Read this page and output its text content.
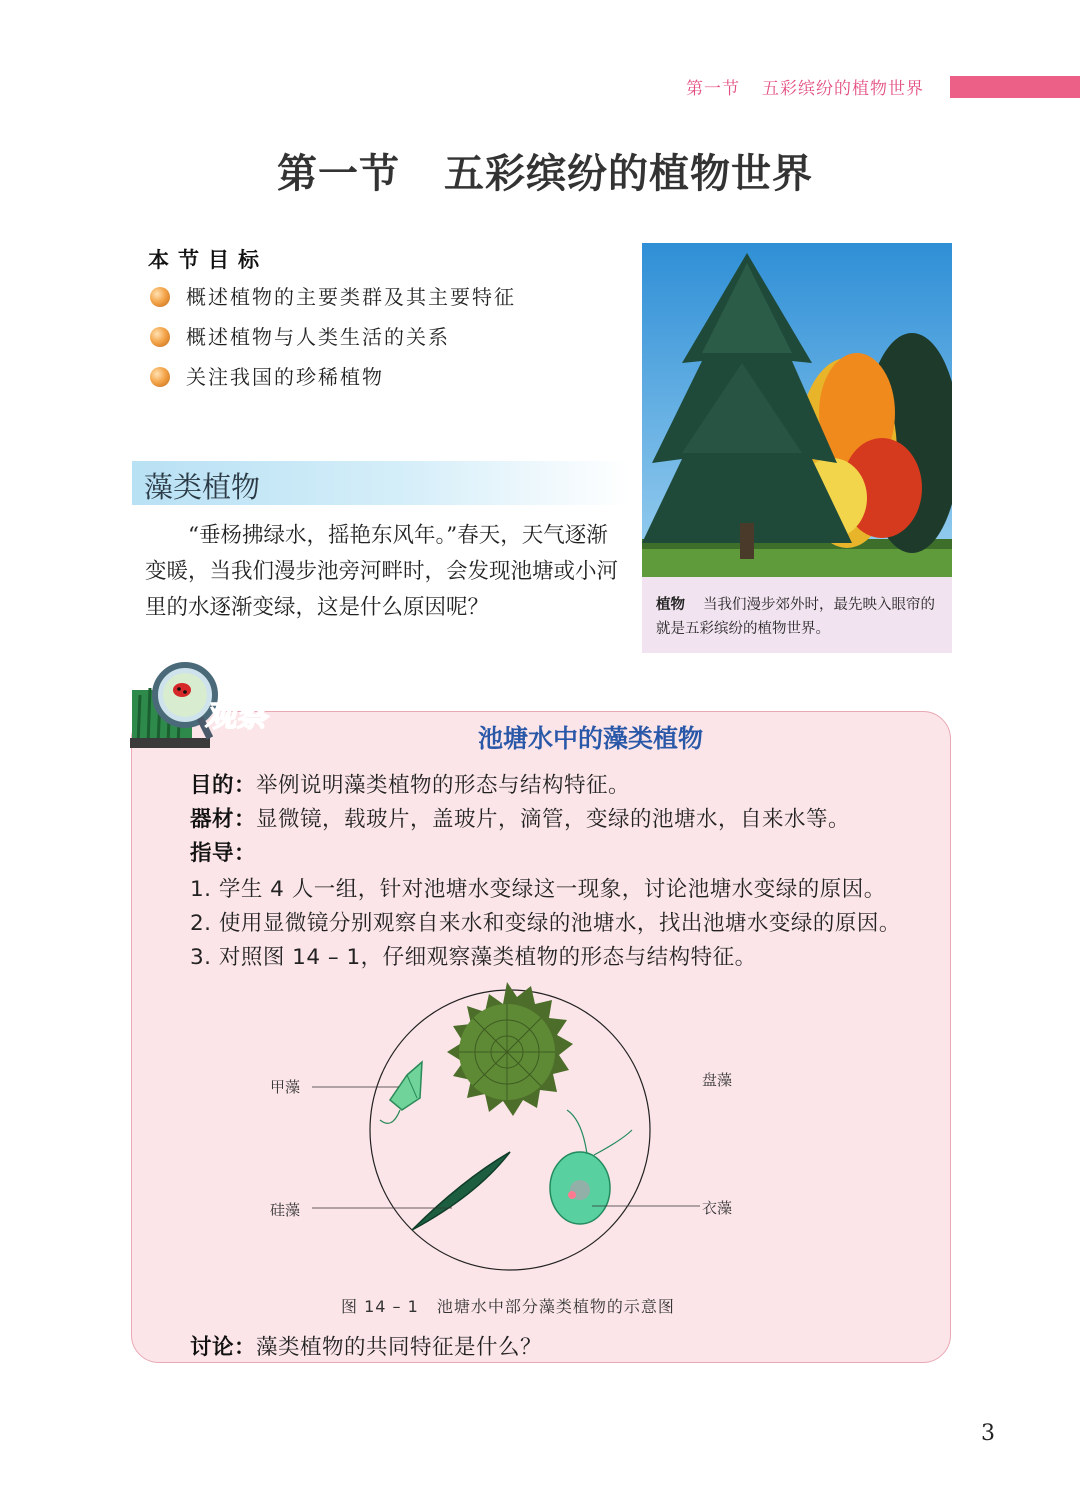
第一节 五彩缤纷的植物世界
第一节 五彩缤纷的植物世界
本节目标
概述植物的主要类群及其主要特征
概述植物与人类生活的关系
关注我国的珍稀植物
藻类植物
“垂杨拂绿水，摇艳东风年。”春天，天气逐渐变暖，当我们漫步池旁河畔时，会发现池塘或小河里的水逐渐变绿，这是什么原因呢？	植物 当我们漫步郊外时，最先映入眼帘的就是五彩缤纷的植物世界。
观察
池塘水中的藻类植物
目的：举例说明藻类植物的形态与结构特征。
器材：显微镜，载玻片，盖玻片，滴管，变绿的池塘水，自来水等。
指导：
1. 学生 4 人一组，针对池塘水变绿这一现象，讨论池塘水变绿的原因。
2. 使用显微镜分别观察自来水和变绿的池塘水，找出池塘水变绿的原因。
3. 对照图 14 – 1，仔细观察藻类植物的形态与结构特征。
甲藻	盘藻
硅藻	衣藻
图 14 – 1 池塘水中部分藻类植物的示意图
讨论：藻类植物的共同特征是什么？
3
